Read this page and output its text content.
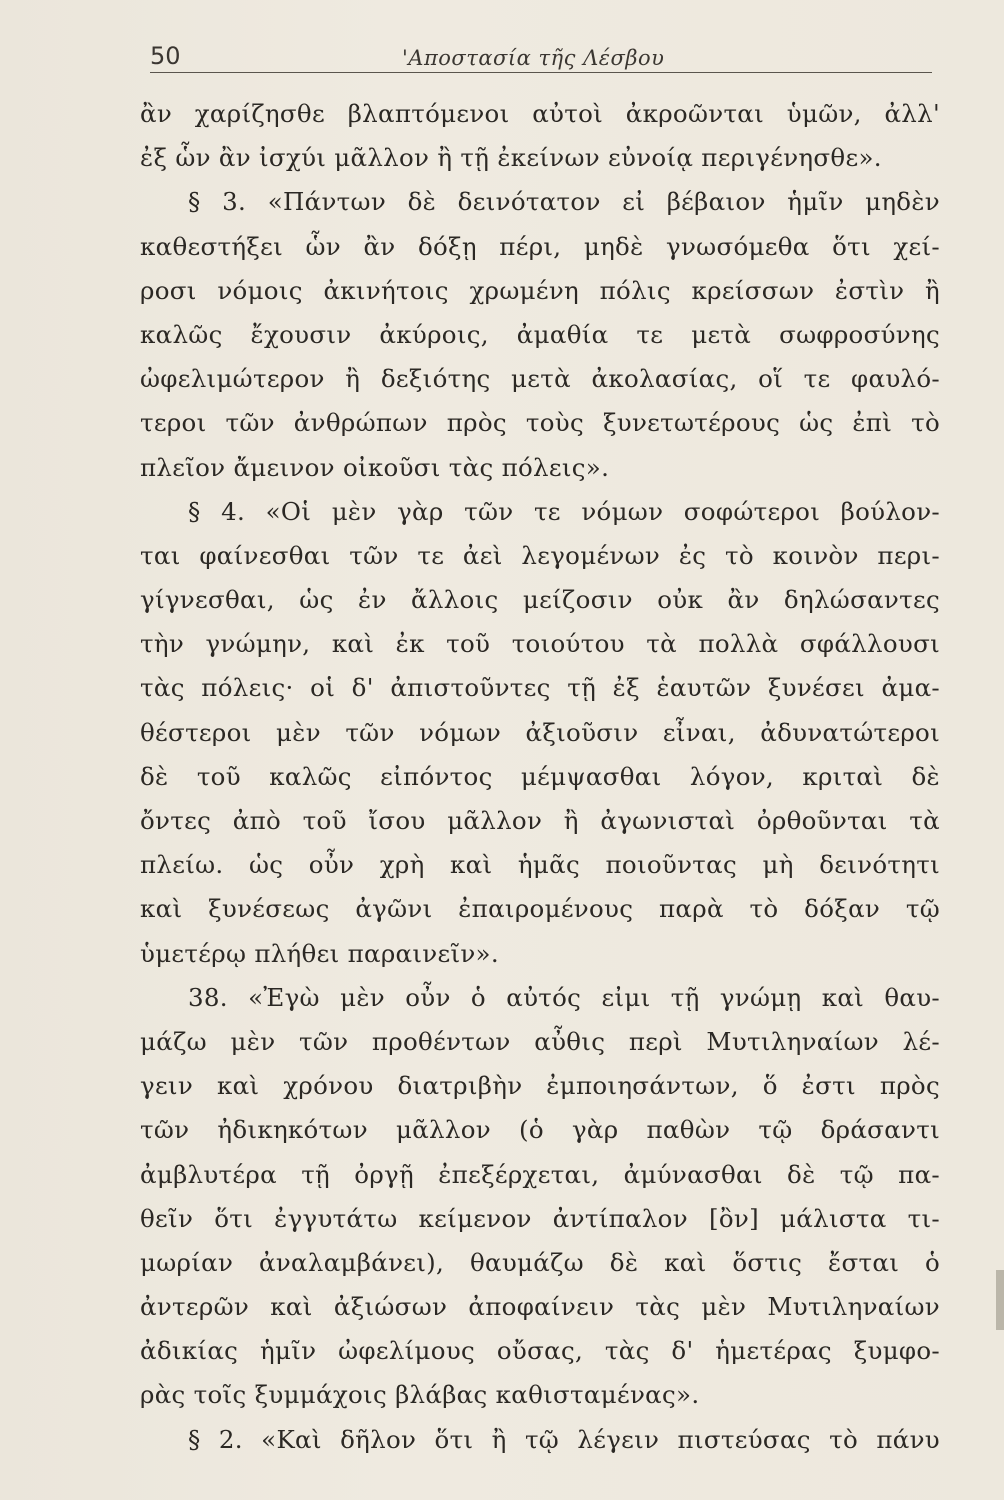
50	'Αποστασία τῆς Λέσβου
ἂν χαρίζησθε βλαπτόμενοι αὐτοὶ ἀκροῶνται ὑμῶν, ἀλλ'
ἐξ ὧν ἂν ἰσχύι μᾶλλον ἢ τῇ ἐκείνων εὐνοίᾳ περιγένησθε».
§ 3. «Πάντων δὲ δεινότατον εἰ βέβαιον ἡμῖν μηδὲν
καθεστήξει ὧν ἂν δόξῃ πέρι, μηδὲ γνωσόμεθα ὅτι χεί-
ροσι νόμοις ἀκινήτοις χρωμένη πόλις κρείσσων ἐστὶν ἢ
καλῶς ἔχουσιν ἀκύροις, ἀμαθία τε μετὰ σωφροσύνης
ὠφελιμώτερον ἢ δεξιότης μετὰ ἀκολασίας, οἵ τε φαυλό-
τεροι τῶν ἀνθρώπων πρὸς τοὺς ξυνετωτέρους ὡς ἐπὶ τὸ
πλεῖον ἄμεινον οἰκοῦσι τὰς πόλεις».
§ 4. «Οἱ μὲν γὰρ τῶν τε νόμων σοφώτεροι βούλον-
ται φαίνεσθαι τῶν τε ἀεὶ λεγομένων ἐς τὸ κοινὸν περι-
γίγνεσθαι, ὡς ἐν ἄλλοις μείζοσιν οὐκ ἂν δηλώσαντες
τὴν γνώμην, καὶ ἐκ τοῦ τοιούτου τὰ πολλὰ σφάλλουσι
τὰς πόλεις· οἱ δ' ἀπιστοῦντες τῇ ἐξ ἑαυτῶν ξυνέσει ἀμα-
θέστεροι μὲν τῶν νόμων ἀξιοῦσιν εἶναι, ἀδυνατώτεροι
δὲ τοῦ καλῶς εἰπόντος μέμψασθαι λόγον, κριταὶ δὲ
ὄντες ἀπὸ τοῦ ἴσου μᾶλλον ἢ ἀγωνισταὶ ὀρθοῦνται τὰ
πλείω. ὡς οὖν χρὴ καὶ ἡμᾶς ποιοῦντας μὴ δεινότητι
καὶ ξυνέσεως ἀγῶνι ἐπαιρομένους παρὰ τὸ δόξαν τῷ
ὑμετέρῳ πλήθει παραινεῖν».
38. «Ἐγὼ μὲν οὖν ὁ αὐτός εἰμι τῇ γνώμῃ καὶ θαυ-
μάζω μὲν τῶν προθέντων αὖθις περὶ Μυτιληναίων λέ-
γειν καὶ χρόνου διατριβὴν ἐμποιησάντων, ὅ ἐστι πρὸς
τῶν ἠδικηκότων μᾶλλον (ὁ γὰρ παθὼν τῷ δράσαντι
ἀμβλυτέρα τῇ ὀργῇ ἐπεξέρχεται, ἀμύνασθαι δὲ τῷ πα-
θεῖν ὅτι ἐγγυτάτω κείμενον ἀντίπαλον [ὂν] μάλιστα τι-
μωρίαν ἀναλαμβάνει), θαυμάζω δὲ καὶ ὅστις ἔσται ὁ
ἀντερῶν καὶ ἀξιώσων ἀποφαίνειν τὰς μὲν Μυτιληναίων
ἀδικίας ἡμῖν ὠφελίμους οὔσας, τὰς δ' ἡμετέρας ξυμφο-
ρὰς τοῖς ξυμμάχοις βλάβας καθισταμένας».
§ 2. «Καὶ δῆλον ὅτι ἢ τῷ λέγειν πιστεύσας τὸ πάνυ
